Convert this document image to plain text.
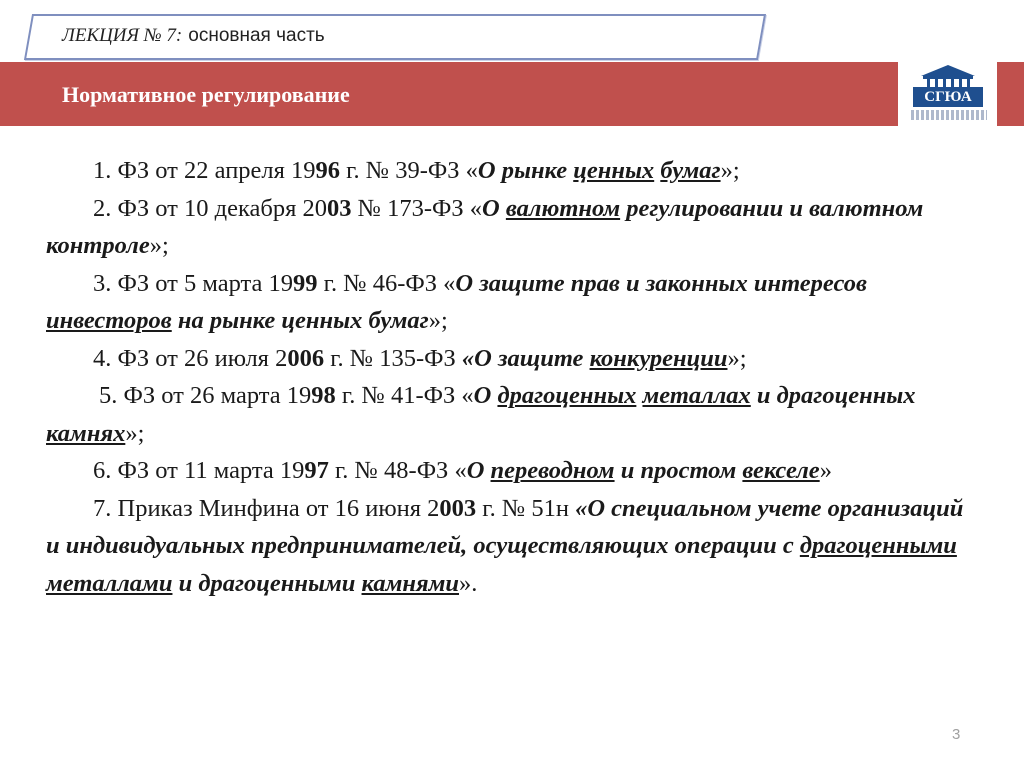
ЛЕКЦИЯ № 7: основная часть
Нормативное регулирование	СГЮА

1. ФЗ от 22 апреля 1996 г. № 39-ФЗ «О рынке ценных бумаг»;

2. ФЗ от 10 декабря 2003 № 173-ФЗ «О валютном регулировании и валютном контроле»;

3. ФЗ от 5 марта 1999 г. № 46-ФЗ «О защите прав и законных интересов инвесторов на рынке ценных бумаг»;

4. ФЗ от 26 июля 2006 г. № 135-ФЗ «О защите конкуренции»;

5. ФЗ от 26 марта 1998 г. № 41-ФЗ «О драгоценных металлах и драгоценных камнях»;

6. ФЗ от 11 марта 1997 г. № 48-ФЗ «О переводном и простом векселе»

7. Приказ Минфина от 16 июня 2003 г. № 51н «О специальном учете организаций и индивидуальных предпринимателей, осуществляющих операции с драгоценными металлами и драгоценными камнями».

3
